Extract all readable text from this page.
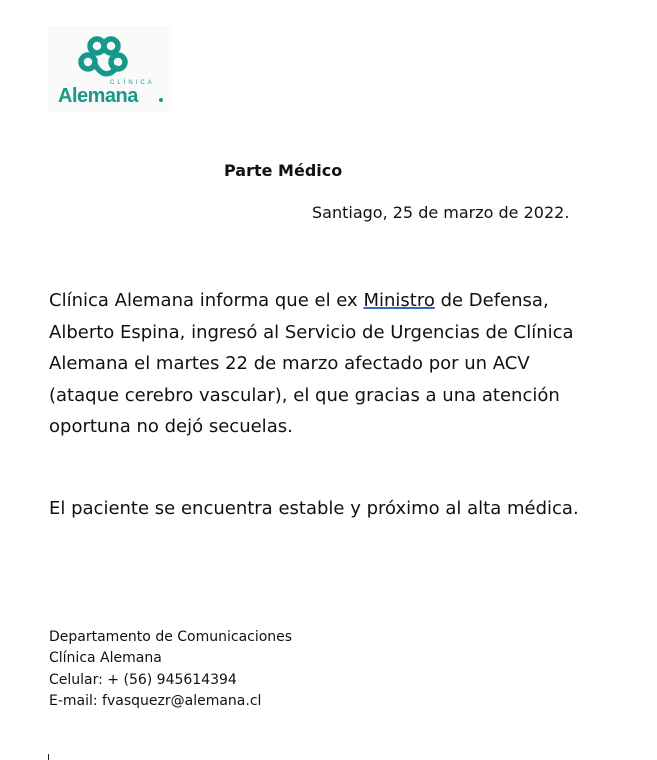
CLÍNICA
Alemana
Parte Médico
Santiago, 25 de marzo de 2022.

Clínica Alemana informa que el ex Ministro de Defensa,

Alberto Espina, ingresó al Servicio de Urgencias de Clínica

Alemana el martes 22 de marzo afectado por un ACV

(ataque cerebro vascular), el que gracias a una atención

oportuna no dejó secuelas.

El paciente se encuentra estable y próximo al alta médica.
Departamento de Comunicaciones
Clínica Alemana
Celular: + (56) 945614394
E-mail: fvasquezr@alemana.cl
